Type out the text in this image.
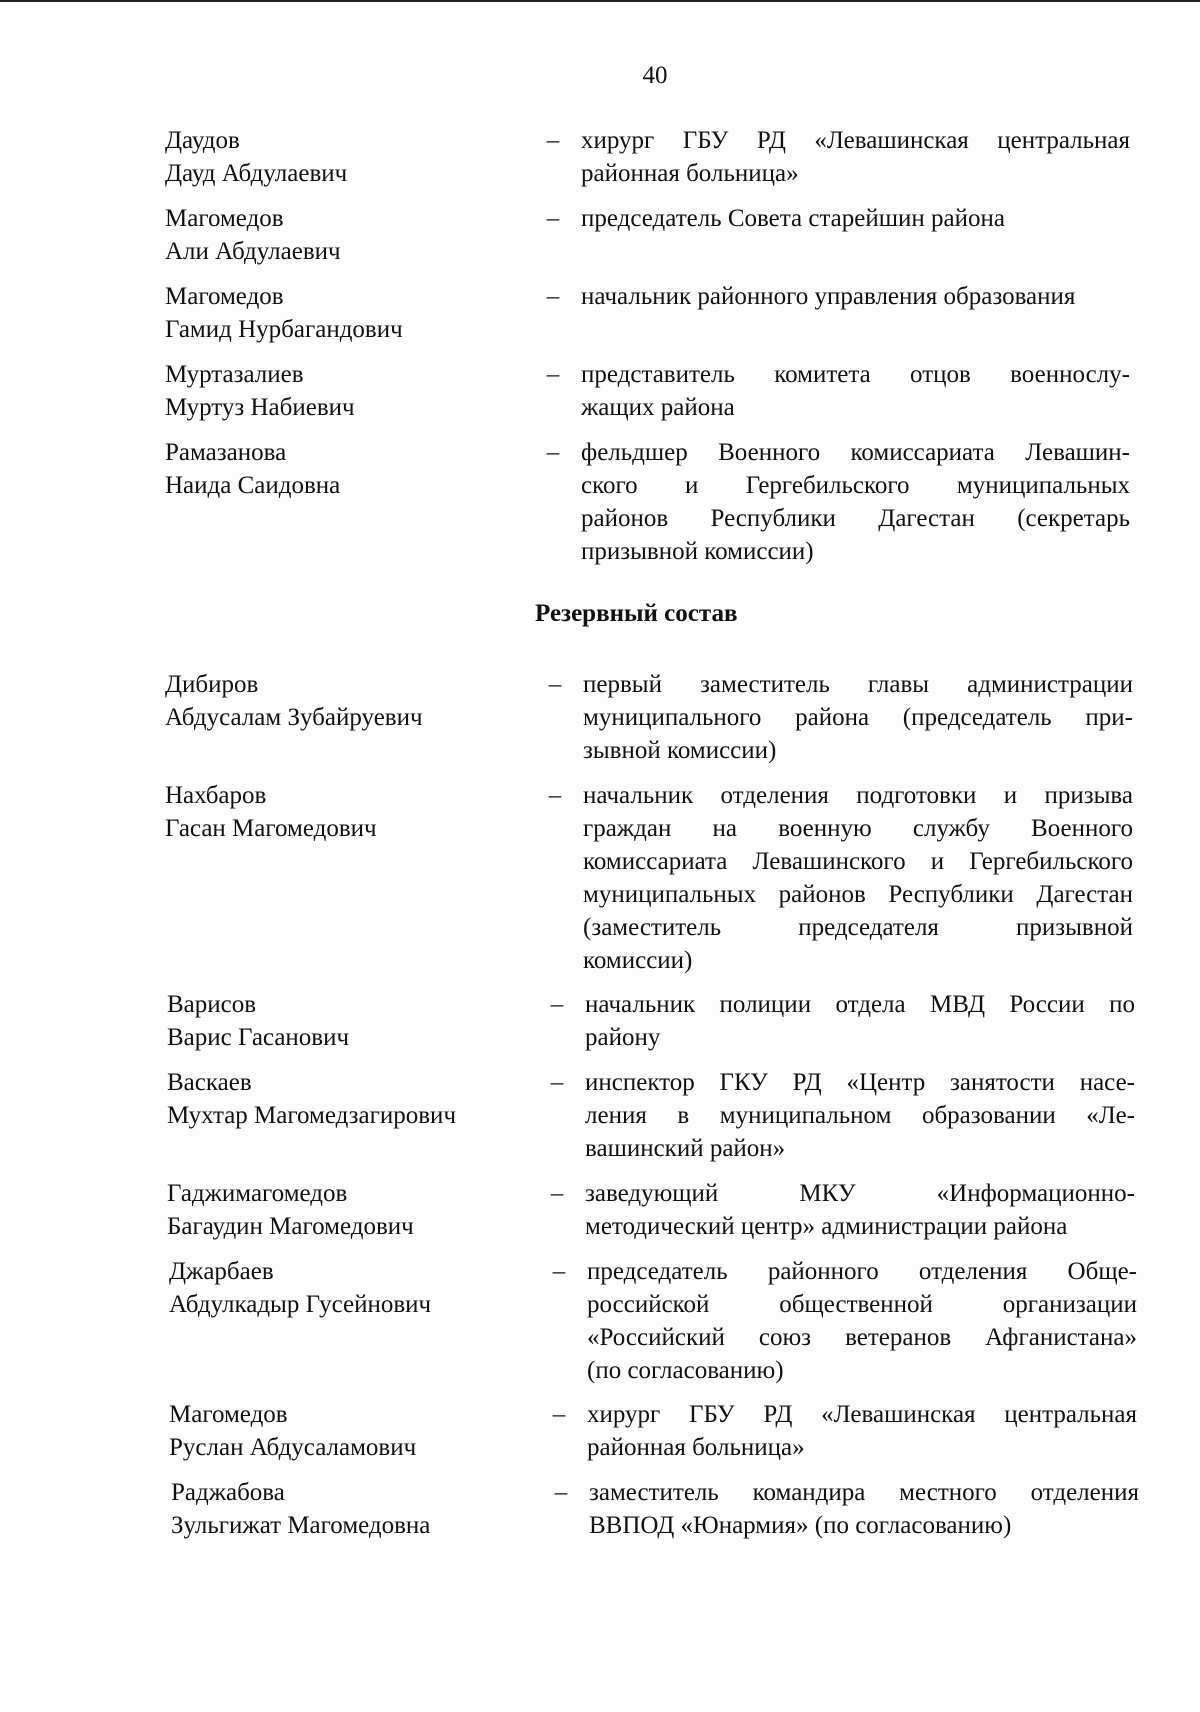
40
Даудов
Дауд Абдулаевич
– хирург ГБУ РД «Левашинская центральная
районная больница»
Магомедов
Али Абдулаевич
– председатель Совета старейшин района
Магомедов
Гамид Нурбагандович
– начальник районного управления образования
Муртазалиев
Муртуз Набиевич
– представитель комитета отцов военнослу-
жащих района
Рамазанова
Наида Саидовна
– фельдшер Военного комиссариата Левашин-
ского и Гергебильского муниципальных
районов Республики Дагестан (секретарь
призывной комиссии)
Дибиров
Абдусалам Зубайруевич
– первый заместитель главы администрации
муниципального района (председатель при-
зывной комиссии)
Нахбаров
Гасан Магомедович
– начальник отделения подготовки и призыва
граждан на военную службу Военного
комиссариата Левашинского и Гергебильского
муниципальных районов Республики Дагестан
(заместитель председателя призывной
комиссии)
Варисов
Варис Гасанович
– начальник полиции отдела МВД России по
району
Васкаев
Мухтар Магомедзагирович
– инспектор ГКУ РД «Центр занятости насе-
ления в муниципальном образовании «Ле-
вашинский район»
Гаджимагомедов
Багаудин Магомедович
– заведующий МКУ «Информационно-
методический центр» администрации района
Джарбаев
Абдулкадыр Гусейнович
– председатель районного отделения Обще-
российской общественной организации
«Российский союз ветеранов Афганистана»
(по согласованию)
Магомедов
Руслан Абдусаламович
– хирург ГБУ РД «Левашинская центральная
районная больница»
Раджабова
Зульгижат Магомедовна
– заместитель командира местного отделения
ВВПОД «Юнармия» (по согласованию)
Резервный состав
